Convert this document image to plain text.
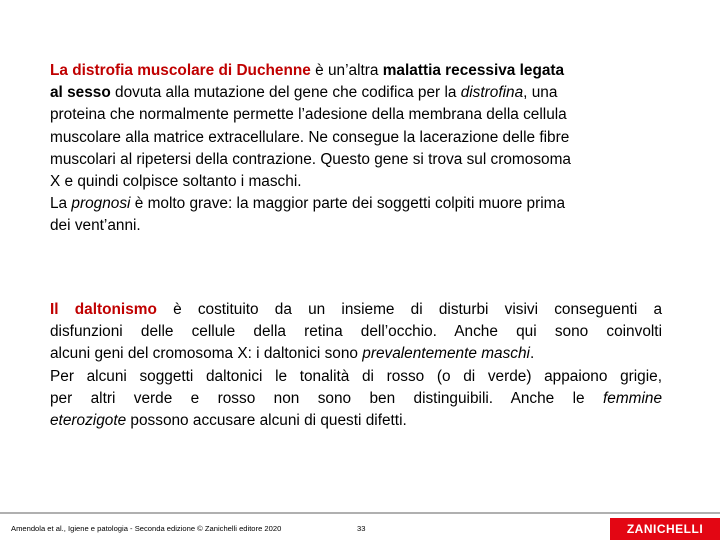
La distrofia muscolare di Duchenne è un’altra malattia recessiva legata
al sesso dovuta alla mutazione del gene che codifica per la distrofina, una
proteina che normalmente permette l’adesione della membrana della cellula
muscolare alla matrice extracellulare. Ne consegue la lacerazione delle fibre
muscolari al ripetersi della contrazione. Questo gene si trova sul cromosoma
X e quindi colpisce soltanto i maschi.
La prognosi è molto grave: la maggior parte dei soggetti colpiti muore prima
dei vent’anni.
Il daltonismo è costituito da un insieme di disturbi visivi conseguenti a
disfunzioni delle cellule della retina dell’occhio. Anche qui sono coinvolti
alcuni geni del cromosoma X: i daltonici sono prevalentemente maschi.
Per alcuni soggetti daltonici le tonalità di rosso (o di verde) appaiono grigie,
per altri verde e rosso non sono ben distinguibili. Anche le femmine
eterozigote possono accusare alcuni di questi difetti.
Amendola et al., Igiene e patologia - Seconda edizione © Zanichelli editore 2020	33	ZANICHELLI
